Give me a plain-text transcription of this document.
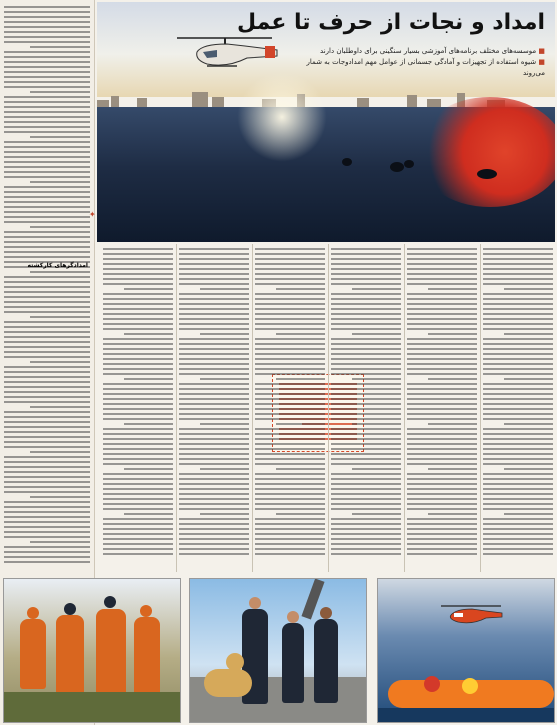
امدادگرهای کارکشته
✦
امداد و نجات از حرف تا عمل

■ موسسه‌های مختلف برنامه‌های آموزشی بسیار سنگینی برای داوطلبان دارند

■ شیوه استفاده از تجهیزات و آمادگی جسمانی از عوامل مهم امدادوجات به شمار می‌روند
